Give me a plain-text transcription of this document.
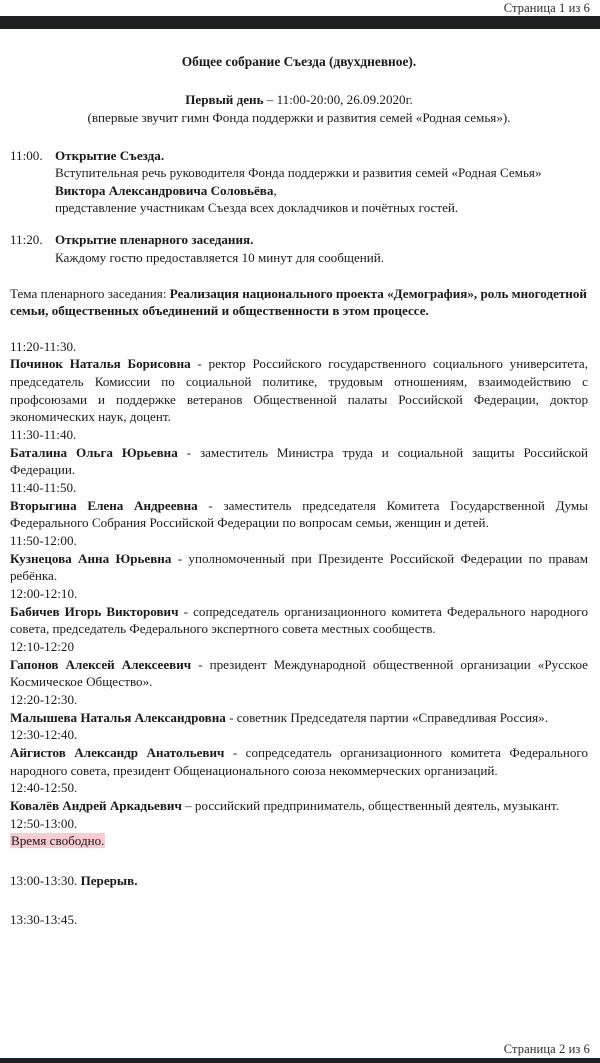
Страница 1 из 6
Общее собрание Съезда (двухдневное).
Первый день – 11:00-20:00, 26.09.2020г.
(впервые звучит гимн Фонда поддержки и развития семей «Родная семья»).
11:00. Открытие Съезда.
Вступительная речь руководителя Фонда поддержки и развития семей «Родная Семья» Виктора Александровича Соловьёва,
представление участникам Съезда всех докладчиков и почётных гостей.
11:20. Открытие пленарного заседания.
Каждому гостю предоставляется 10 минут для сообщений.
Тема пленарного заседания: Реализация национального проекта «Демография», роль многодетной семьи, общественных объединений и общественности в этом процессе.
11:20-11:30.
Починок Наталья Борисовна - ректор Российского государственного социального университета, председатель Комиссии по социальной политике, трудовым отношениям, взаимодействию с профсоюзами и поддержке ветеранов Общественной палаты Российской Федерации, доктор экономических наук, доцент.
11:30-11:40.
Баталина Ольга Юрьевна - заместитель Министра труда и социальной защиты Российской Федерации.
11:40-11:50.
Вторыгина Елена Андреевна - заместитель председателя Комитета Государственной Думы Федерального Собрания Российской Федерации по вопросам семьи, женщин и детей.
11:50-12:00.
Кузнецова Анна Юрьевна - уполномоченный при Президенте Российской Федерации по правам ребёнка.
12:00-12:10.
Бабичев Игорь Викторович - сопредседатель организационного комитета Федерального народного совета, председатель Федерального экспертного совета местных сообществ.
12:10-12:20
Гапонов Алексей Алексеевич - президент Международной общественной организации «Русское Космическое Общество».
12:20-12:30.
Малышева Наталья Александровна - советник Председателя партии «Справедливая Россия».
12:30-12:40.
Айгистов Александр Анатольевич - сопредседатель организационного комитета Федерального народного совета, президент Общенационального союза некоммерческих организаций.
12:40-12:50.
Ковалёв Андрей Аркадьевич – российский предприниматель, общественный деятель, музыкант.
12:50-13:00.
Время свободно.
13:00-13:30. Перерыв.
13:30-13:45.
Страница 2 из 6
